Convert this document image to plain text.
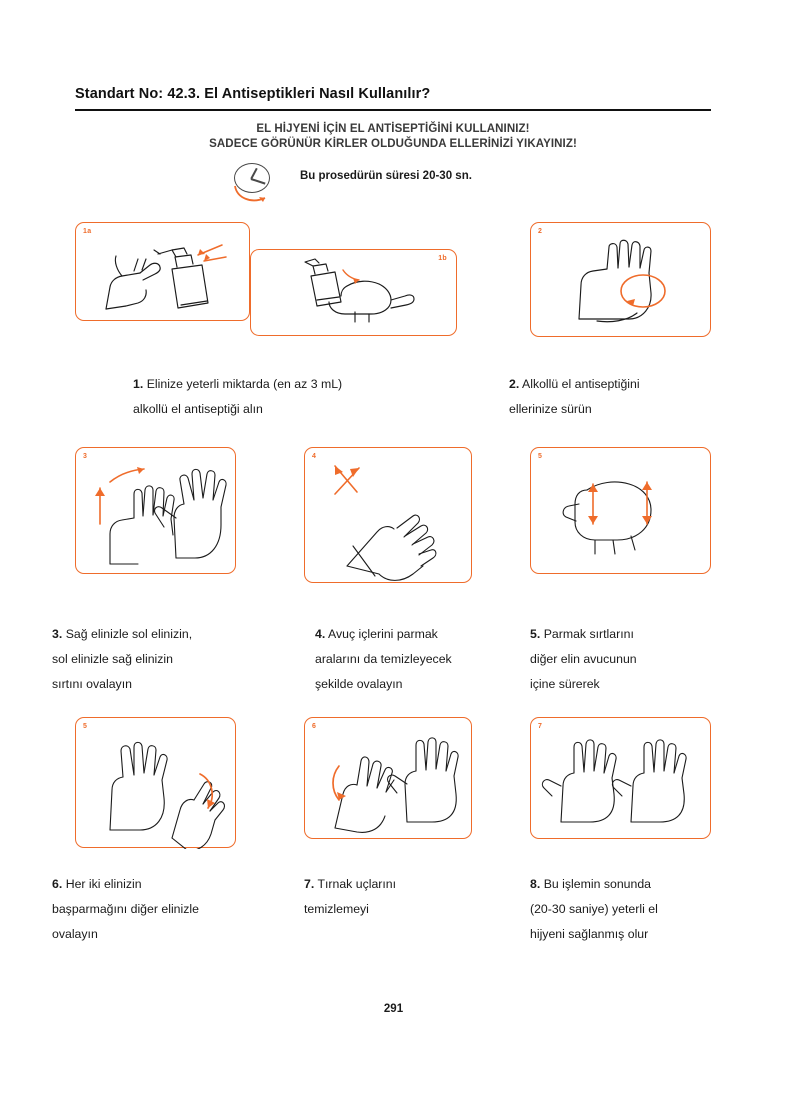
Standart No: 42.3. El Antiseptikleri Nasıl Kullanılır?
EL HİJYENİ İÇİN EL ANTİSEPTİĞİNİ KULLANINIZ!
SADECE GÖRÜNÜR KİRLER OLDUĞUNDA ELLERİNİZİ YIKAYINIZ!
Bu prosedürün süresi 20-30 sn.
1a
1b
2
1. Elinize yeterli miktarda (en az 3 mL)
alkollü el antiseptiği alın
2. Alkollü el antiseptiğini
ellerinize sürün
3	4	5
3. Sağ elinizle sol elinizin,
sol elinizle sağ elinizin
sırtını ovalayın
4. Avuç içlerini parmak
aralarını da temizleyecek
şekilde ovalayın
5. Parmak sırtlarını
diğer elin avucunun
içine sürerek
5	6	7
6. Her iki elinizin
başparmağını diğer elinizle
ovalayın
7. Tırnak uçlarını
temizlemeyi
8. Bu işlemin sonunda
(20-30 saniye) yeterli el
hijyeni sağlanmış olur
291
